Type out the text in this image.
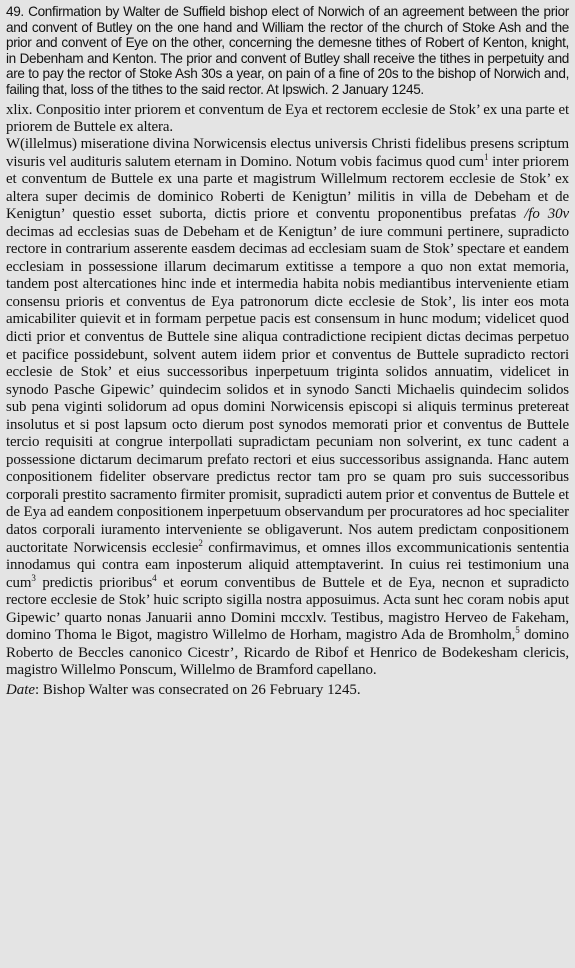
49. Confirmation by Walter de Suffield bishop elect of Norwich of an agreement between the prior and convent of Butley on the one hand and William the rector of the church of Stoke Ash and the prior and convent of Eye on the other, concerning the demesne tithes of Robert of Kenton, knight, in Debenham and Kenton. The prior and convent of Butley shall receive the tithes in perpetuity and are to pay the rector of Stoke Ash 30s a year, on pain of a fine of 20s to the bishop of Norwich and, failing that, loss of the tithes to the said rector. At Ipswich. 2 January 1245.

xlix. Conpositio inter priorem et conventum de Eya et rectorem ecclesie de Stok’ ex una parte et priorem de Buttele ex altera.

W(illelmus) miseratione divina Norwicensis electus universis Christi fidelibus presens scriptum visuris vel audituris salutem eternam in Domino. Notum vobis facimus quod cum$^1$ inter priorem et conventum de Buttele ex una parte et magistrum Willelmum rectorem ecclesie de Stok’ ex altera super decimis de dominico Roberti de Kenigtun’ militis in villa de Debeham et de Kenigtun’ questio esset suborta, dictis priore et conventu proponentibus prefatas /fo 30v decimas ad ecclesias suas de Debeham et de Kenigtun’ de iure communi pertinere, supradicto rectore in contrarium asserente easdem decimas ad ecclesiam suam de Stok’ spectare et eandem ecclesiam in possessione illarum decimarum extitisse a tempore a quo non extat memoria, tandem post altercationes hinc inde et intermedia habita nobis mediantibus interveniente etiam consensu prioris et conventus de Eya patronorum dicte ecclesie de Stok’, lis inter eos mota amicabiliter quievit et in formam perpetue pacis est consensum in hunc modum; videlicet quod dicti prior et conventus de Buttele sine aliqua contradictione recipient dictas decimas perpetuo et pacifice possidebunt, solvent autem iidem prior et conventus de Buttele supradicto rectori ecclesie de Stok’ et eius successoribus inperpetuum triginta solidos annuatim, videlicet in synodo Pasche Gipewic’ quindecim solidos et in synodo Sancti Michaelis quindecim solidos sub pena viginti solidorum ad opus domini Norwicensis episcopi si aliquis terminus pretereat insolutus et si post lapsum octo dierum post synodos memorati prior et conventus de Buttele tercio requisiti at congrue interpollati supradictam pecuniam non solverint, ex tunc cadent a possessione dictarum decimarum prefato rectori et eius successoribus assignanda. Hanc autem conpositionem fideliter observare predictus rector tam pro se quam pro suis successoribus corporali prestito sacramento firmiter promisit, supradicti autem prior et conventus de Buttele et de Eya ad eandem conpositionem inperpetuum observandum per procuratores ad hoc specialiter datos corporali iuramento interveniente se obligaverunt. Nos autem predictam conpositionem auctoritate Norwicensis ecclesie$^2$ confirmavimus, et omnes illos excommunicationis sententia innodamus qui contra eam inposterum aliquid attemptaverint. In cuius rei testimonium una cum$^3$ predictis prioribus$^4$ et eorum conventibus de Buttele et de Eya, necnon et supradicto rectore ecclesie de Stok’ huic scripto sigilla nostra apposuimus. Acta sunt hec coram nobis aput Gipewic’ quarto nonas Januarii anno Domini mccxlv. Testibus, magistro Herveo de Fakeham, domino Thoma le Bigot, magistro Willelmo de Horham, magistro Ada de Bromholm,$^5$ domino Roberto de Beccles canonico Cicestr’, Ricardo de Ribof et Henrico de Bodekesham clericis, magistro Willelmo Ponscum, Willelmo de Bramford capellano.

Date: Bishop Walter was consecrated on 26 February 1245.
